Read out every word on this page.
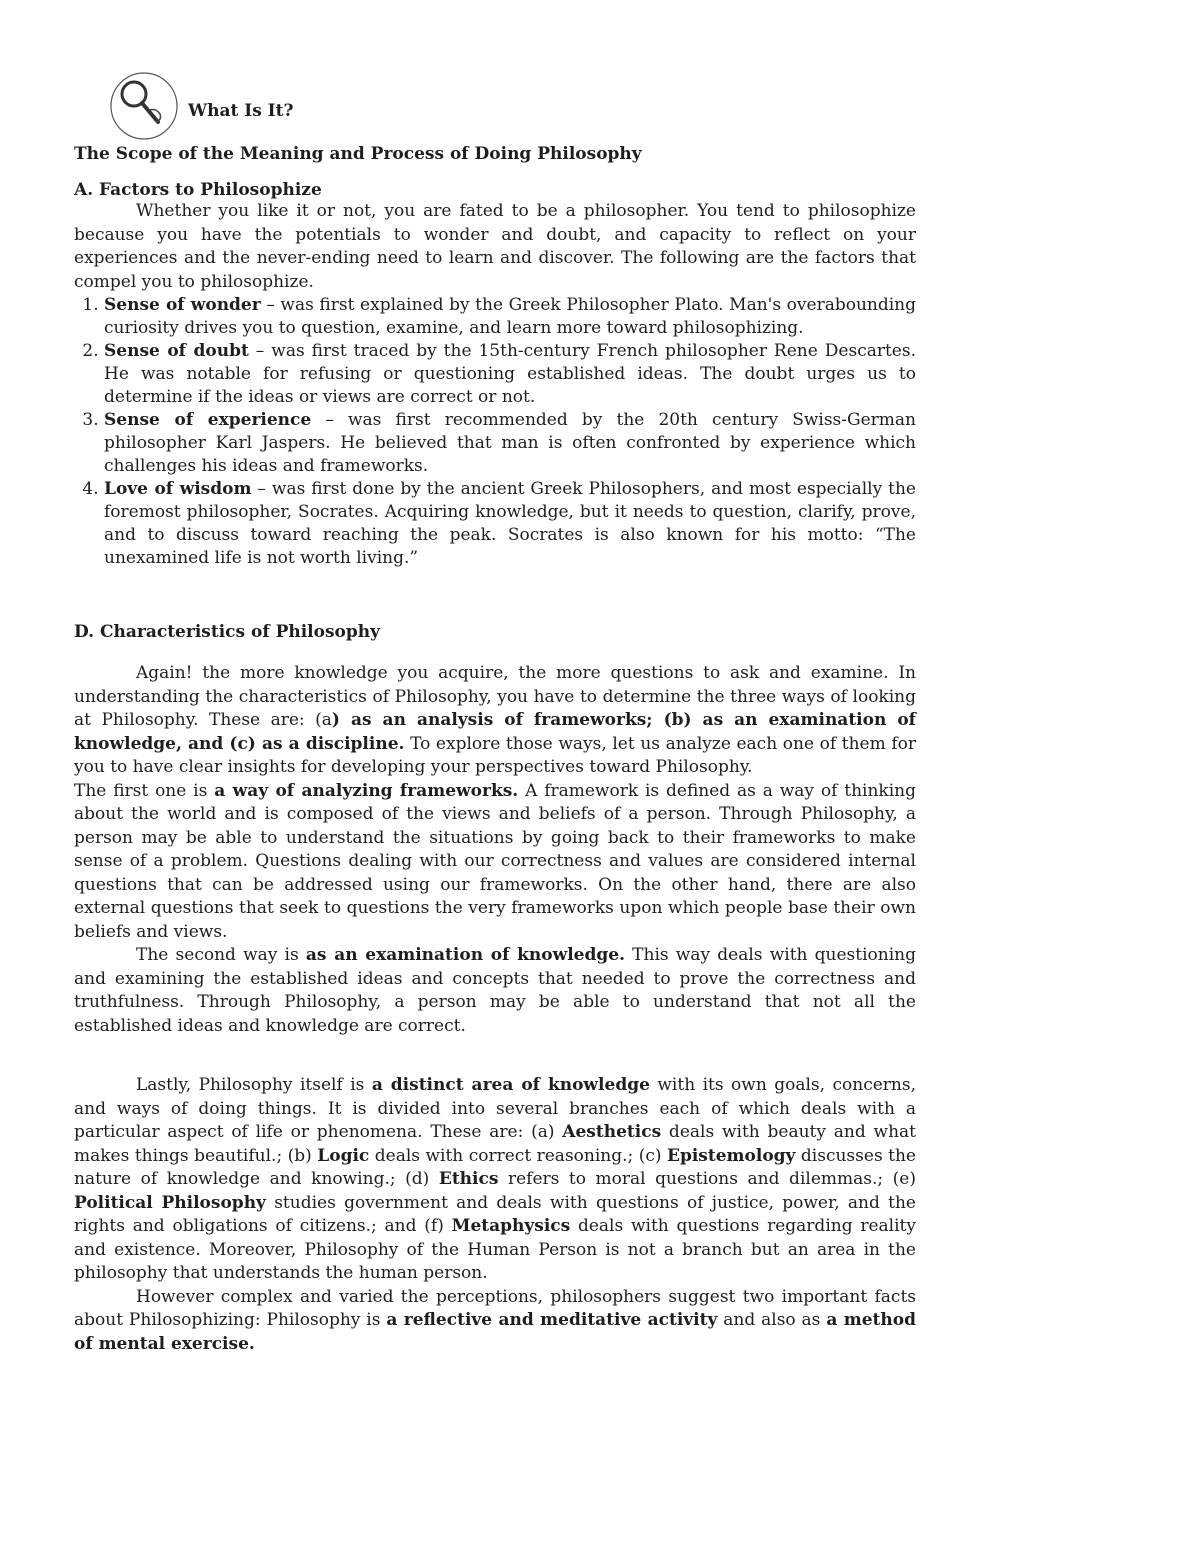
What Is It?
The Scope of the Meaning and Process of Doing Philosophy
A. Factors to Philosophize

Whether you like it or not, you are fated to be a philosopher. You tend to philosophize because you have the potentials to wonder and doubt, and capacity to reflect on your experiences and the never-ending need to learn and discover. The following are the factors that compel you to philosophize.

1. Sense of wonder – was first explained by the Greek Philosopher Plato. Man's overabounding curiosity drives you to question, examine, and learn more toward philosophizing.
2. Sense of doubt – was first traced by the 15th-century French philosopher Rene Descartes. He was notable for refusing or questioning established ideas. The doubt urges us to determine if the ideas or views are correct or not.
3. Sense of experience – was first recommended by the 20th century Swiss-German philosopher Karl Jaspers. He believed that man is often confronted by experience which challenges his ideas and frameworks.
4. Love of wisdom – was first done by the ancient Greek Philosophers, and most especially the foremost philosopher, Socrates. Acquiring knowledge, but it needs to question, clarify, prove, and to discuss toward reaching the peak. Socrates is also known for his motto: “The unexamined life is not worth living.”
D. Characteristics of Philosophy

Again! the more knowledge you acquire, the more questions to ask and examine. In understanding the characteristics of Philosophy, you have to determine the three ways of looking at Philosophy. These are: (a) as an analysis of frameworks; (b) as an examination of knowledge, and (c) as a discipline. To explore those ways, let us analyze each one of them for you to have clear insights for developing your perspectives toward Philosophy.

The first one is a way of analyzing frameworks. A framework is defined as a way of thinking about the world and is composed of the views and beliefs of a person. Through Philosophy, a person may be able to understand the situations by going back to their frameworks to make sense of a problem. Questions dealing with our correctness and values are considered internal questions that can be addressed using our frameworks. On the other hand, there are also external questions that seek to questions the very frameworks upon which people base their own beliefs and views.

The second way is as an examination of knowledge. This way deals with questioning and examining the established ideas and concepts that needed to prove the correctness and truthfulness. Through Philosophy, a person may be able to understand that not all the established ideas and knowledge are correct.

Lastly, Philosophy itself is a distinct area of knowledge with its own goals, concerns, and ways of doing things. It is divided into several branches each of which deals with a particular aspect of life or phenomena. These are: (a) Aesthetics deals with beauty and what makes things beautiful.; (b) Logic deals with correct reasoning.; (c) Epistemology discusses the nature of knowledge and knowing.; (d) Ethics refers to moral questions and dilemmas.; (e) Political Philosophy studies government and deals with questions of justice, power, and the rights and obligations of citizens.; and (f) Metaphysics deals with questions regarding reality and existence. Moreover, Philosophy of the Human Person is not a branch but an area in the philosophy that understands the human person.

However complex and varied the perceptions, philosophers suggest two important facts about Philosophizing: Philosophy is a reflective and meditative activity and also as a method of mental exercise.
